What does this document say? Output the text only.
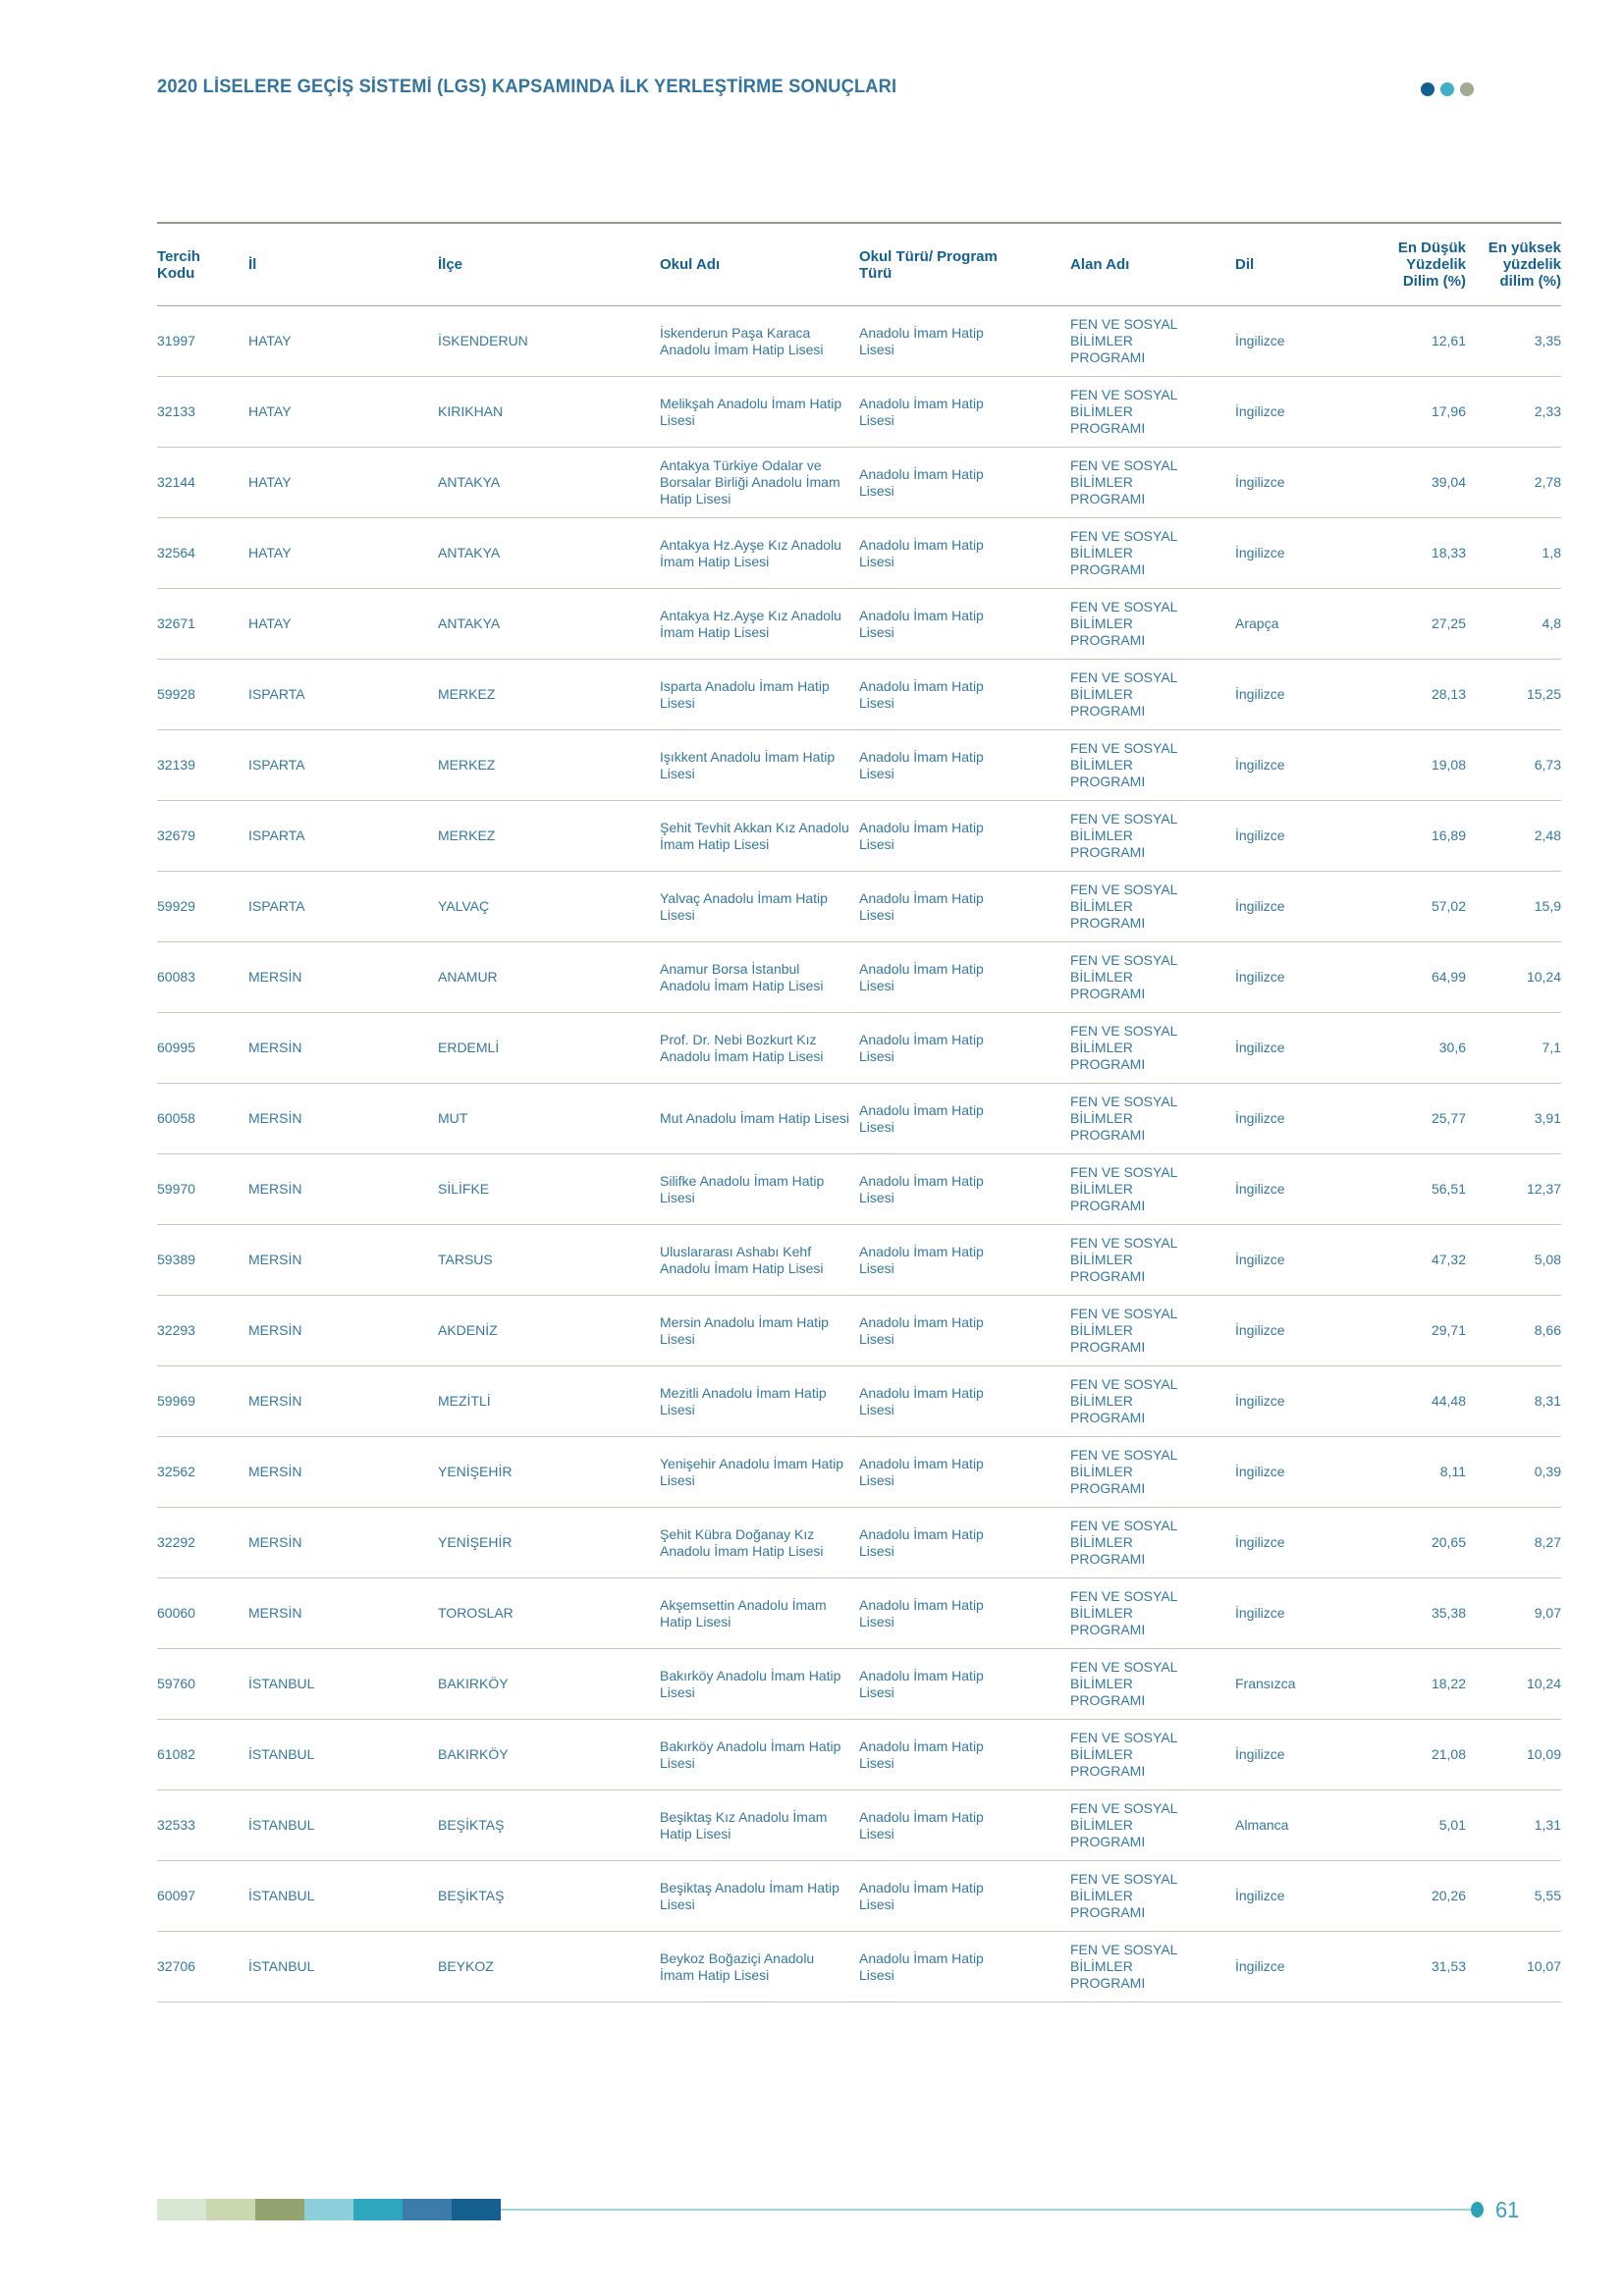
2020 LİSELERE GEÇİŞ SİSTEMİ (LGS) KAPSAMINDA İLK YERLEŞTİRME SONUÇLARI
Tercih Kodu	İl	İlçe	Okul Adı	Okul Türü/ Program Türü	Alan Adı	Dil	En Düşük Yüzdelik Dilim (%)	En yüksek yüzdelik dilim (%)
31997	HATAY	İSKENDERUN	İskenderun Paşa Karaca Anadolu İmam Hatip Lisesi	Anadolu İmam Hatip Lisesi	FEN VE SOSYAL BİLİMLER PROGRAMI	İngilizce	12,61	3,35
32133	HATAY	KIRIKHAN	Melikşah Anadolu İmam Hatip Lisesi	Anadolu İmam Hatip Lisesi	FEN VE SOSYAL BİLİMLER PROGRAMI	İngilizce	17,96	2,33
32144	HATAY	ANTAKYA	Antakya Türkiye Odalar ve Borsalar Birliği Anadolu İmam Hatip Lisesi	Anadolu İmam Hatip Lisesi	FEN VE SOSYAL BİLİMLER PROGRAMI	İngilizce	39,04	2,78
32564	HATAY	ANTAKYA	Antakya Hz.Ayşe Kız Anadolu İmam Hatip Lisesi	Anadolu İmam Hatip Lisesi	FEN VE SOSYAL BİLİMLER PROGRAMI	İngilizce	18,33	1,8
32671	HATAY	ANTAKYA	Antakya Hz.Ayşe Kız Anadolu İmam Hatip Lisesi	Anadolu İmam Hatip Lisesi	FEN VE SOSYAL BİLİMLER PROGRAMI	Arapça	27,25	4,8
59928	ISPARTA	MERKEZ	Isparta Anadolu İmam Hatip Lisesi	Anadolu İmam Hatip Lisesi	FEN VE SOSYAL BİLİMLER PROGRAMI	İngilizce	28,13	15,25
32139	ISPARTA	MERKEZ	Işıkkent Anadolu İmam Hatip Lisesi	Anadolu İmam Hatip Lisesi	FEN VE SOSYAL BİLİMLER PROGRAMI	İngilizce	19,08	6,73
32679	ISPARTA	MERKEZ	Şehit Tevhit Akkan Kız Anadolu İmam Hatip Lisesi	Anadolu İmam Hatip Lisesi	FEN VE SOSYAL BİLİMLER PROGRAMI	İngilizce	16,89	2,48
59929	ISPARTA	YALVAÇ	Yalvaç Anadolu İmam Hatip Lisesi	Anadolu İmam Hatip Lisesi	FEN VE SOSYAL BİLİMLER PROGRAMI	İngilizce	57,02	15,9
60083	MERSİN	ANAMUR	Anamur Borsa İstanbul Anadolu İmam Hatip Lisesi	Anadolu İmam Hatip Lisesi	FEN VE SOSYAL BİLİMLER PROGRAMI	İngilizce	64,99	10,24
60995	MERSİN	ERDEMLİ	Prof. Dr. Nebi Bozkurt Kız Anadolu İmam Hatip Lisesi	Anadolu İmam Hatip Lisesi	FEN VE SOSYAL BİLİMLER PROGRAMI	İngilizce	30,6	7,1
60058	MERSİN	MUT	Mut Anadolu İmam Hatip Lisesi	Anadolu İmam Hatip Lisesi	FEN VE SOSYAL BİLİMLER PROGRAMI	İngilizce	25,77	3,91
59970	MERSİN	SİLİFKE	Silifke Anadolu İmam Hatip Lisesi	Anadolu İmam Hatip Lisesi	FEN VE SOSYAL BİLİMLER PROGRAMI	İngilizce	56,51	12,37
59389	MERSİN	TARSUS	Uluslararası Ashabı Kehf Anadolu İmam Hatip Lisesi	Anadolu İmam Hatip Lisesi	FEN VE SOSYAL BİLİMLER PROGRAMI	İngilizce	47,32	5,08
32293	MERSİN	AKDENİZ	Mersin Anadolu İmam Hatip Lisesi	Anadolu İmam Hatip Lisesi	FEN VE SOSYAL BİLİMLER PROGRAMI	İngilizce	29,71	8,66
59969	MERSİN	MEZİTLİ	Mezitli Anadolu İmam Hatip Lisesi	Anadolu İmam Hatip Lisesi	FEN VE SOSYAL BİLİMLER PROGRAMI	İngilizce	44,48	8,31
32562	MERSİN	YENİŞEHİR	Yenişehir Anadolu İmam Hatip Lisesi	Anadolu İmam Hatip Lisesi	FEN VE SOSYAL BİLİMLER PROGRAMI	İngilizce	8,11	0,39
32292	MERSİN	YENİŞEHİR	Şehit Kübra Doğanay Kız Anadolu İmam Hatip Lisesi	Anadolu İmam Hatip Lisesi	FEN VE SOSYAL BİLİMLER PROGRAMI	İngilizce	20,65	8,27
60060	MERSİN	TOROSLAR	Akşemsettin Anadolu İmam Hatip Lisesi	Anadolu İmam Hatip Lisesi	FEN VE SOSYAL BİLİMLER PROGRAMI	İngilizce	35,38	9,07
59760	İSTANBUL	BAKIRKÖY	Bakırköy Anadolu İmam Hatip Lisesi	Anadolu İmam Hatip Lisesi	FEN VE SOSYAL BİLİMLER PROGRAMI	Fransızca	18,22	10,24
61082	İSTANBUL	BAKIRKÖY	Bakırköy Anadolu İmam Hatip Lisesi	Anadolu İmam Hatip Lisesi	FEN VE SOSYAL BİLİMLER PROGRAMI	İngilizce	21,08	10,09
32533	İSTANBUL	BEŞİKTAŞ	Beşiktaş Kız Anadolu İmam Hatip Lisesi	Anadolu İmam Hatip Lisesi	FEN VE SOSYAL BİLİMLER PROGRAMI	Almanca	5,01	1,31
60097	İSTANBUL	BEŞİKTAŞ	Beşiktaş Anadolu İmam Hatip Lisesi	Anadolu İmam Hatip Lisesi	FEN VE SOSYAL BİLİMLER PROGRAMI	İngilizce	20,26	5,55
32706	İSTANBUL	BEYKOZ	Beykoz Boğaziçi Anadolu İmam Hatip Lisesi	Anadolu İmam Hatip Lisesi	FEN VE SOSYAL BİLİMLER PROGRAMI	İngilizce	31,53	10,07
61
